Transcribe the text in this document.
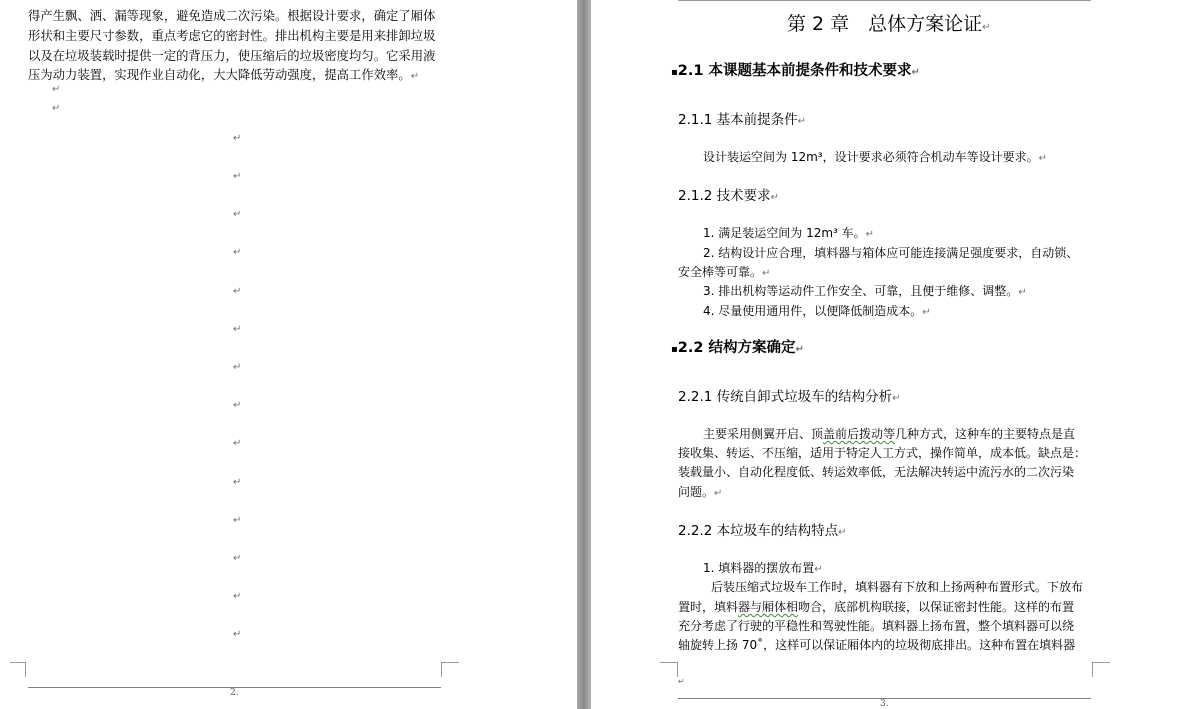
得产生飘、洒、漏等现象，避免造成二次污染。根据设计要求，确定了厢体
形状和主要尺寸参数，重点考虑它的密封性。排出机构主要是用来排卸垃圾
以及在垃圾装载时提供一定的背压力，使压缩后的垃圾密度均匀。它采用液
压为动力装置，实现作业自动化，大大降低劳动强度，提高工作效率。↵
↵
↵
↵
↵
↵
↵
↵
↵
↵
↵
↵
↵
↵
↵
↵
↵
2.
第 2 章　总体方案论证↵
▪2.1 本课题基本前提条件和技术要求↵
2.1.1 基本前提条件↵
设计装运空间为 12m³，设计要求必须符合机动车等设计要求。↵
2.1.2 技术要求↵
1. 满足装运空间为 12m³ 车。↵
2. 结构设计应合理，填料器与箱体应可能连接满足强度要求，自动锁、
安全棒等可靠。↵
3. 排出机构等运动件工作安全、可靠，且便于维修、调整。↵
4. 尽量使用通用件，以便降低制造成本。↵
▪2.2 结构方案确定↵
2.2.1 传统自卸式垃圾车的结构分析↵
主要采用侧翼开启、顶盖前后拨动等几种方式，这种车的主要特点是直
接收集、转运、不压缩，适用于特定人工方式，操作简单，成本低。缺点是：
装载量小、自动化程度低、转运效率低，无法解决转运中流污水的二次污染
问题。↵
2.2.2 本垃圾车的结构特点↵
1. 填料器的摆放布置↵
后装压缩式垃圾车工作时，填料器有下放和上扬两种布置形式。下放布
置时，填料器与厢体相吻合，底部机构联接，以保证密封性能。这样的布置
充分考虑了行驶的平稳性和驾驶性能。填料器上扬布置，整个填料器可以绕
轴旋转上扬 70˚，这样可以保证厢体内的垃圾彻底排出。这种布置在填料器
↵
3.
